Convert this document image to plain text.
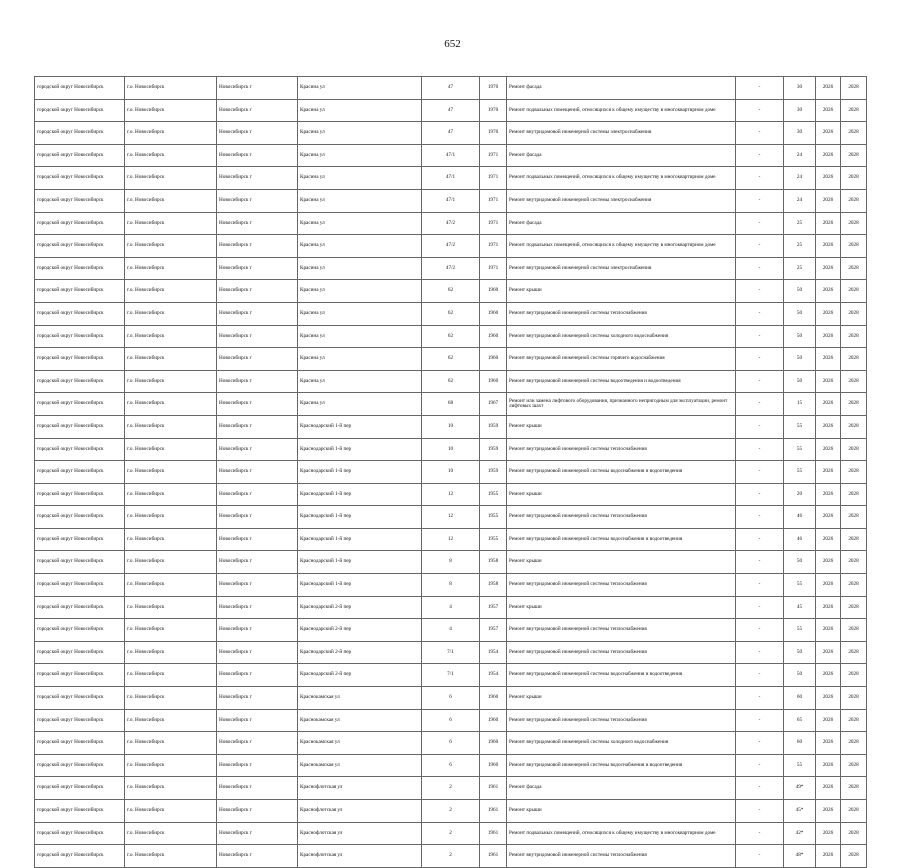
652
городской округ Новосибирск	г.о. Новосибирск	Новосибирск г	Красина ул	47	1970	Ремонт фасада	-	30	2026	2028
городской округ Новосибирск	г.о. Новосибирск	Новосибирск г	Красина ул	47	1970	Ремонт подвальных помещений, относящихся к общему имуществу в многоквартирном доме	-	30	2026	2028
городской округ Новосибирск	г.о. Новосибирск	Новосибирск г	Красина ул	47	1970	Ремонт внутридомовой инженерной системы электроснабжения	-	30	2026	2028
городской округ Новосибирск	г.о. Новосибирск	Новосибирск г	Красина ул	47/1	1971	Ремонт фасада	-	24	2026	2028
городской округ Новосибирск	г.о. Новосибирск	Новосибирск г	Красина ул	47/1	1971	Ремонт подвальных помещений, относящихся к общему имуществу в многоквартирном доме	-	24	2026	2028
городской округ Новосибирск	г.о. Новосибирск	Новосибирск г	Красина ул	47/1	1971	Ремонт внутридомовой инженерной системы электроснабжения	-	24	2026	2028
городской округ Новосибирск	г.о. Новосибирск	Новосибирск г	Красина ул	47/2	1971	Ремонт фасада	-	25	2026	2028
городской округ Новосибирск	г.о. Новосибирск	Новосибирск г	Красина ул	47/2	1971	Ремонт подвальных помещений, относящихся к общему имуществу в многоквартирном доме	-	25	2026	2028
городской округ Новосибирск	г.о. Новосибирск	Новосибирск г	Красина ул	47/2	1971	Ремонт внутридомовой инженерной системы электроснабжения	-	25	2026	2028
городской округ Новосибирск	г.о. Новосибирск	Новосибирск г	Красина ул	62	1960	Ремонт крыши	-	50	2026	2028
городской округ Новосибирск	г.о. Новосибирск	Новосибирск г	Красина ул	62	1960	Ремонт внутридомовой инженерной системы теплоснабжения	-	50	2026	2028
городской округ Новосибирск	г.о. Новосибирск	Новосибирск г	Красина ул	62	1960	Ремонт внутридомовой инженерной системы холодного водоснабжения	-	50	2026	2028
городской округ Новосибирск	г.о. Новосибирск	Новосибирск г	Красина ул	62	1960	Ремонт внутридомовой инженерной системы горячего водоснабжения	-	50	2026	2028
городской округ Новосибирск	г.о. Новосибирск	Новосибирск г	Красина ул	62	1960	Ремонт внутридомовой инженерной системы водоотведения и водоотведения	-	50	2026	2028
городской округ Новосибирск	г.о. Новосибирск	Новосибирск г	Красина ул	68	1967	Ремонт или замена лифтового оборудования, признанного непригодным для эксплуатации, ремонт лифтовых шахт	-	15	2026	2028
городской округ Новосибирск	г.о. Новосибирск	Новосибирск г	Краснодарский 1-й пер	10	1959	Ремонт крыши	-	55	2026	2028
городской округ Новосибирск	г.о. Новосибирск	Новосибирск г	Краснодарский 1-й пер	10	1959	Ремонт внутридомовой инженерной системы теплоснабжения	-	55	2026	2028
городской округ Новосибирск	г.о. Новосибирск	Новосибирск г	Краснодарский 1-й пер	10	1959	Ремонт внутридомовой инженерной системы водоснабжения и водоотведения	-	55	2026	2028
городской округ Новосибирск	г.о. Новосибирск	Новосибирск г	Краснодарский 1-й пер	12	1955	Ремонт крыши	-	20	2026	2028
городской округ Новосибирск	г.о. Новосибирск	Новосибирск г	Краснодарский 1-й пер	12	1955	Ремонт внутридомовой инженерной системы теплоснабжения	-	46	2026	2028
городской округ Новосибирск	г.о. Новосибирск	Новосибирск г	Краснодарский 1-й пер	12	1955	Ремонт внутридомовой инженерной системы водоснабжения и водоотведения	-	46	2026	2028
городской округ Новосибирск	г.о. Новосибирск	Новосибирск г	Краснодарский 1-й пер	8	1958	Ремонт крыши	-	50	2026	2028
городской округ Новосибирск	г.о. Новосибирск	Новосибирск г	Краснодарский 1-й пер	8	1958	Ремонт внутридомовой инженерной системы теплоснабжения	-	55	2026	2028
городской округ Новосибирск	г.о. Новосибирск	Новосибирск г	Краснодарский 2-й пер	4	1957	Ремонт крыши	-	45	2026	2028
городской округ Новосибирск	г.о. Новосибирск	Новосибирск г	Краснодарский 2-й пер	4	1957	Ремонт внутридомовой инженерной системы теплоснабжения	-	55	2026	2028
городской округ Новосибирск	г.о. Новосибирск	Новосибирск г	Краснодарский 2-й пер	7/1	1954	Ремонт внутридомовой инженерной системы теплоснабжения	-	50	2026	2028
городской округ Новосибирск	г.о. Новосибирск	Новосибирск г	Краснодарский 2-й пер	7/1	1954	Ремонт внутридомовой инженерной системы водоснабжения и водоотведения	-	50	2026	2028
городской округ Новосибирск	г.о. Новосибирск	Новосибирск г	Краснокамская ул	6	1960	Ремонт крыши	-	60	2026	2028
городской округ Новосибирск	г.о. Новосибирск	Новосибирск г	Краснокамская ул	6	1960	Ремонт внутридомовой инженерной системы теплоснабжения	-	65	2026	2028
городской округ Новосибирск	г.о. Новосибирск	Новосибирск г	Краснокамская ул	6	1960	Ремонт внутридомовой инженерной системы холодного водоснабжения	-	60	2026	2028
городской округ Новосибирск	г.о. Новосибирск	Новосибирск г	Краснокамская ул	6	1960	Ремонт внутридомовой инженерной системы водоснабжения и водоотведения	-	55	2026	2028
городской округ Новосибирск	г.о. Новосибирск	Новосибирск г	Краснофлотская ул	2	1961	Ремонт фасада	-	49*	2026	2028
городской округ Новосибирск	г.о. Новосибирск	Новосибирск г	Краснофлотская ул	2	1961	Ремонт крыши	-	45*	2026	2028
городской округ Новосибирск	г.о. Новосибирск	Новосибирск г	Краснофлотская ул	2	1961	Ремонт подвальных помещений, относящихся к общему имуществу в многоквартирном доме	-	42*	2026	2028
городской округ Новосибирск	г.о. Новосибирск	Новосибирск г	Краснофлотская ул	2	1961	Ремонт внутридомовой инженерной системы теплоснабжения	-	48*	2026	2028
